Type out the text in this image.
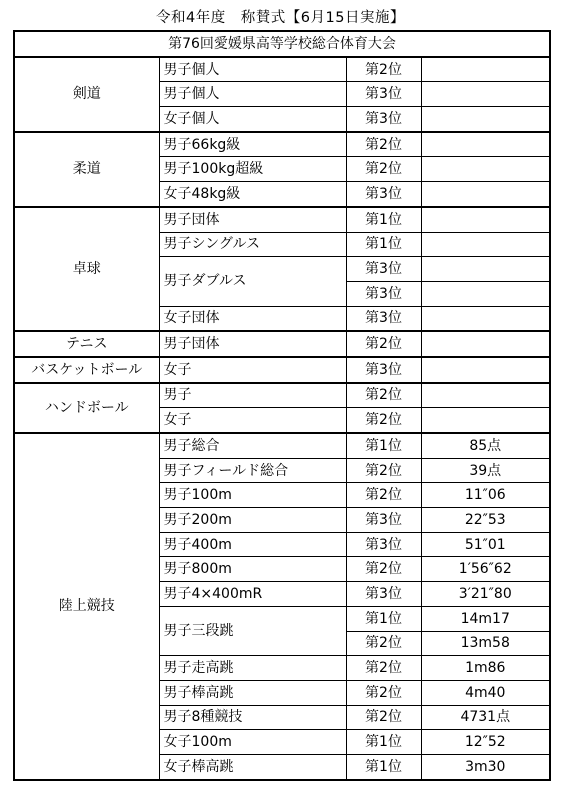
令和4年度　称賛式【6月15日実施】
第76回愛媛県高等学校総合体育大会			
剣道	男子個人	第2位	
	男子個人	第3位	
	女子個人	第3位	
柔道	男子66kg級	第2位	
	男子100kg超級	第2位	
	女子48kg級	第3位	
卓球	男子団体	第1位	
	男子シングルス	第1位	
	男子ダブルス	第3位	
		第3位	
	女子団体	第3位	
テニス	男子団体	第2位	
バスケットボール	女子	第3位	
ハンドボール	男子	第2位	
	女子	第2位	
陸上競技	男子総合	第1位	85点
	男子フィールド総合	第2位	39点
	男子100m	第2位	11″06
	男子200m	第3位	22″53
	男子400m	第3位	51″01
	男子800m	第2位	1′56″62
	男子4×400mR	第3位	3′21″80
	男子三段跳	第1位	14m17
		第2位	13m58
	男子走高跳	第2位	1m86
	男子棒高跳	第2位	4m40
	男子8種競技	第2位	4731点
	女子100m	第1位	12″52
	女子棒高跳	第1位	3m30
